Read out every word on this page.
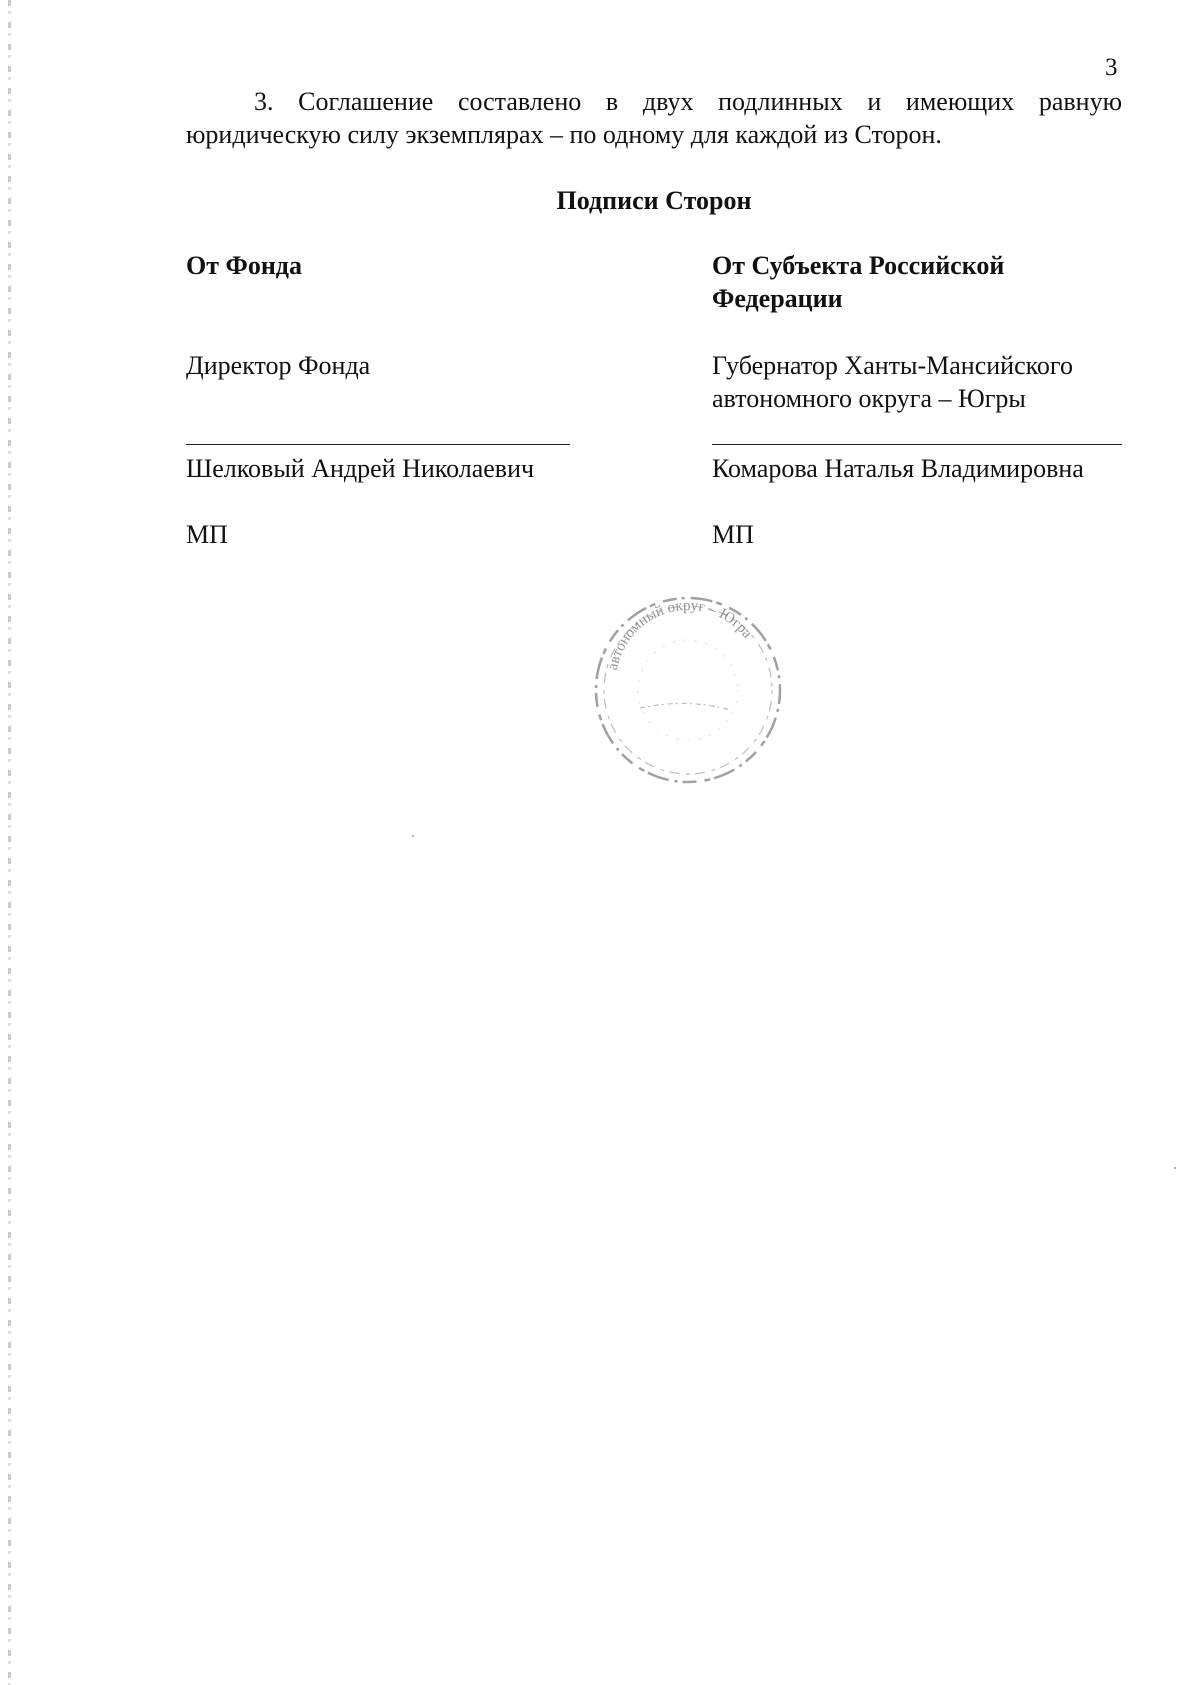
3
3. Соглашение составлено в двух подлинных и имеющих равную юридическую силу экземплярах – по одному для каждой из Сторон.
Подписи Сторон
От Фонда
Директор Фонда
Шелковый Андрей Николаевич
МП
От Субъекта Российской Федерации
Губернатор Ханты-Мансийского автономного округа – Югры
Комарова Наталья Владимировна
МП
автономный округ – Югра
